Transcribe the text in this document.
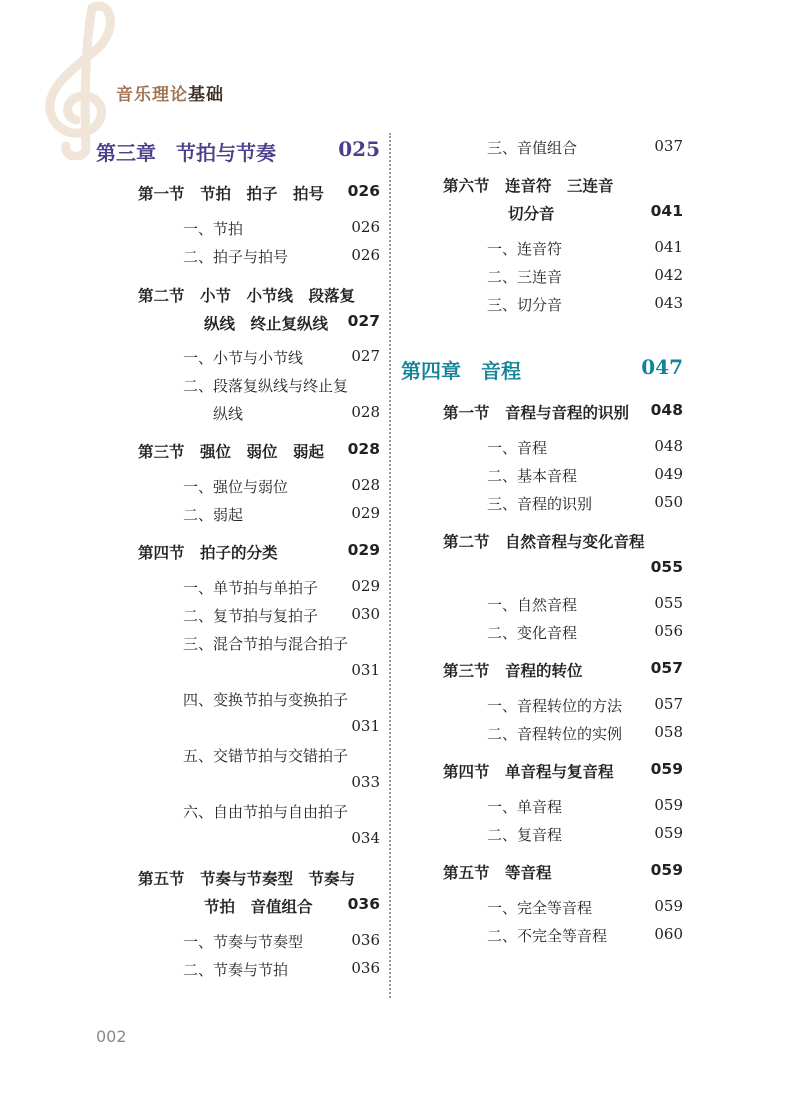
音乐理论基础
第三章　节拍与节奏	025
第一节　节拍　拍子　拍号 026
一、节拍	026
二、拍子与拍号	026
第二节　小节　小节线　段落复
纵线　终止复纵线 027
一、小节与小节线	027
二、段落复纵线与终止复
纵线	028
第三节　强位　弱位　弱起 028
一、强位与弱位	028
二、弱起	029
第四节　拍子的分类	029
一、单节拍与单拍子 029
二、复节拍与复拍子 030
三、混合节拍与混合拍子
031
四、变换节拍与变换拍子
031
五、交错节拍与交错拍子
033
六、自由节拍与自由拍子
034
第五节　节奏与节奏型　节奏与
节拍　音值组合 036
一、节奏与节奏型	036
二、节奏与节拍	036
三、音值组合	037
第六节　连音符　三连音
切分音	041
一、连音符	041
二、三连音	042
三、切分音	043
第四章　音程	047
第一节　音程与音程的识别 048
一、音程	048
二、基本音程	049
三、音程的识别	050
第二节　自然音程与变化音程
055
一、自然音程	055
二、变化音程	056
第三节　音程的转位	057
一、音程转位的方法 057
二、音程转位的实例 058
第四节　单音程与复音程 059
一、单音程	059
二、复音程	059
第五节　等音程	059
一、完全等音程	059
二、不完全等音程	060
002
